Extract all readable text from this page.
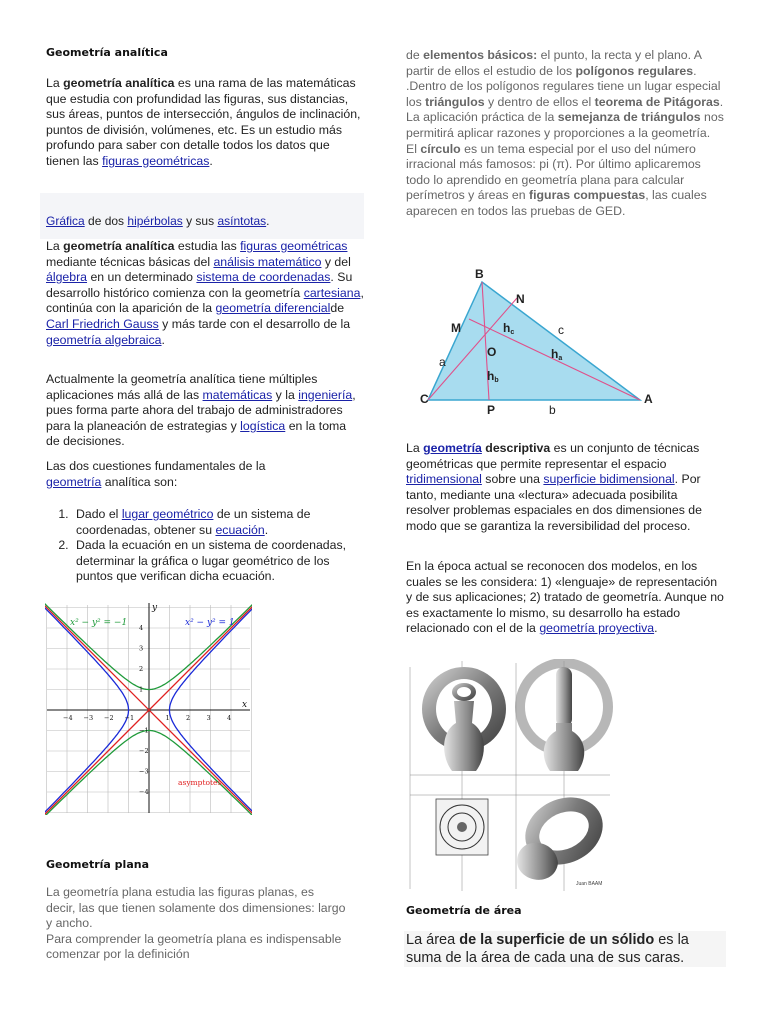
Geometría analítica
La geometría analítica es una rama de las matemáticas que estudia con profundidad las figuras, sus distancias, sus áreas, puntos de intersección, ángulos de inclinación, puntos de división, volúmenes, etc. Es un estudio más profundo para saber con detalle todos los datos que tienen las figuras geométricas.
Gráfica de dos hipérbolas y sus asíntotas.
La geometría analítica estudia las figuras geométricas mediante técnicas básicas del análisis matemático y del álgebra en un determinado sistema de coordenadas. Su desarrollo histórico comienza con la geometría cartesiana, continúa con la aparición de la geometría diferencialde Carl Friedrich Gauss y más tarde con el desarrollo de la geometría algebraica.
Actualmente la geometría analítica tiene múltiples aplicaciones más allá de las matemáticas y la ingeniería, pues forma parte ahora del trabajo de administradores para la planeación de estrategias y logística en la toma de decisiones.
Las dos cuestiones fundamentales de la geometría analítica son:
1. Dado el lugar geométrico de un sistema de coordenadas, obtener su ecuación.
2. Dada la ecuación en un sistema de coordenadas, determinar la gráfica o lugar geométrico de los puntos que verifican dicha ecuación.
x² − y² = −1	x² − y² = 1
asymptotes
x
y
−4 −3 −2 −1	1	2	3	4
−4
−3
−2
−1
1
2
3
4
Geometría plana

La geometría plana estudia las figuras planas, es decir, las que tienen solamente dos dimensiones: largo y ancho.

Para comprender la geometría plana es indispensable comenzar por la definición

de elementos básicos: el punto, la recta y el plano. A partir de ellos el estudio de los polígonos regulares. .Dentro de los polígonos regulares tiene un lugar especial los triángulos y dentro de ellos el teorema de Pitágoras. La aplicación práctica de la semejanza de triángulos nos permitirá aplicar razones y proporciones a la geometría. El círculo es un tema especial por el uso del número irracional más famosos: pi (π). Por último aplicaremos todo lo aprendido en geometría plana para calcular perímetros y áreas en figuras compuestas, las cuales aparecen en todos las pruebas de GED.
B
N
M	c
hc
O	ha
a
hb
C
P	b
A
La geometría descriptiva es un conjunto de técnicas geométricas que permite representar el espacio tridimensional sobre una superficie bidimensional. Por tanto, mediante una «lectura» adecuada posibilita resolver problemas espaciales en dos dimensiones de modo que se garantiza la reversibilidad del proceso.
En la época actual se reconocen dos modelos, en los cuales se les considera: 1) «lenguaje» de representación y de sus aplicaciones; 2) tratado de geometría. Aunque no es exactamente lo mismo, su desarrollo ha estado relacionado con el de la geometría proyectiva.
Juan BAAM
Geometría de área
La área de la superficie de un sólido es la suma de la área de cada una de sus caras.
